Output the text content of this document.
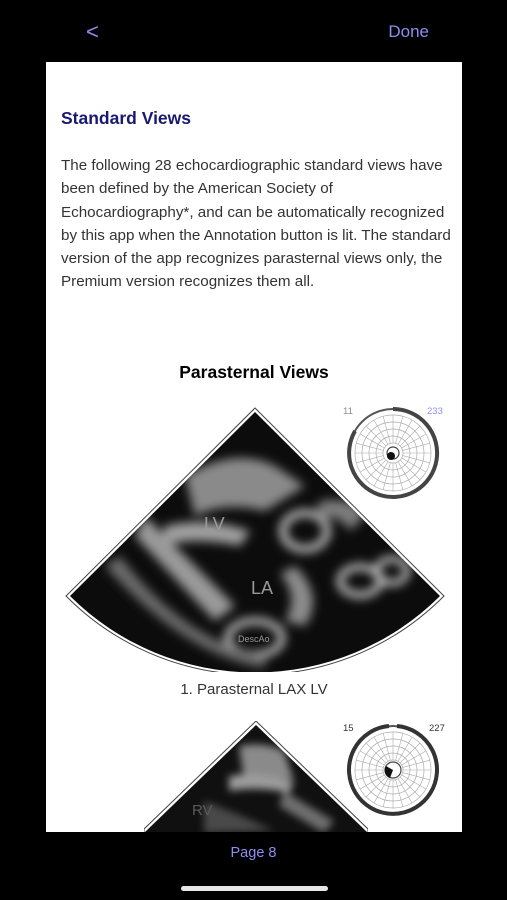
<	Done
Standard Views

The following 28 echocardiographic standard views have been defined by the American Society of Echocardiography*, and can be automatically recognized by this app when the Annotation button is lit. The standard version of the app recognizes parasternal views only, the Premium version recognizes them all.

Parasternal Views
LV
LA
DescAo
11	233
1. Parasternal LAX LV
RV
15	227
Page 8
